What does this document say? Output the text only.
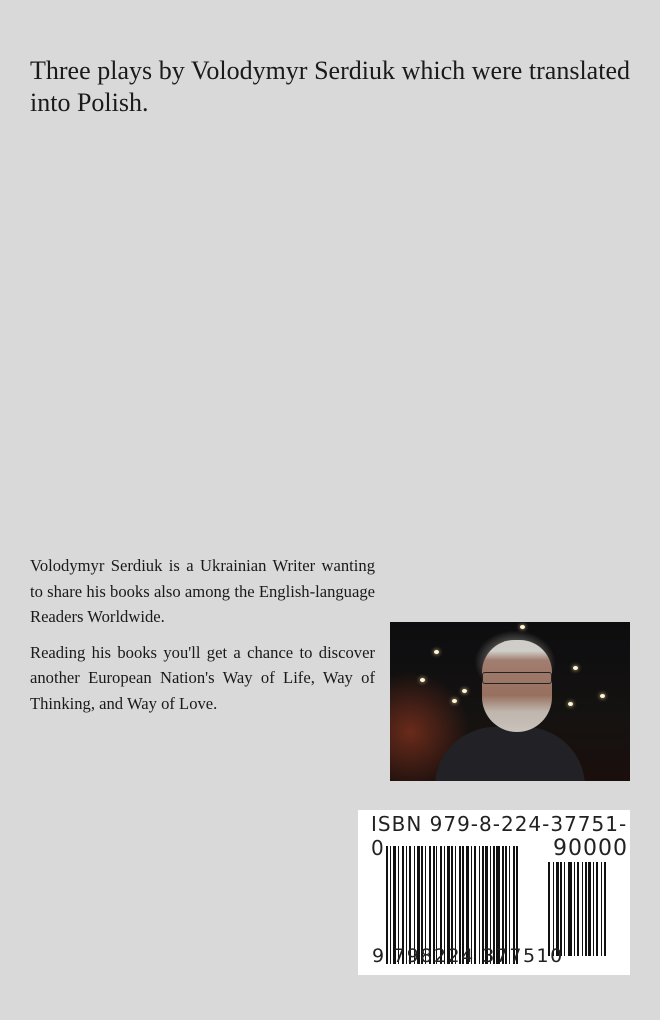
Three plays by Volodymyr Serdiuk which were translated into Polish.

Volodymyr Serdiuk is a Ukrainian Writer wanting to share his books also among the English-language Readers Worldwide.

Reading his books you'll get a chance to discover another European Nation's Way of Life, Way of Thinking, and Way of Love.

ISBN 979-8-224-37751-0	90000
9 798224 377510
